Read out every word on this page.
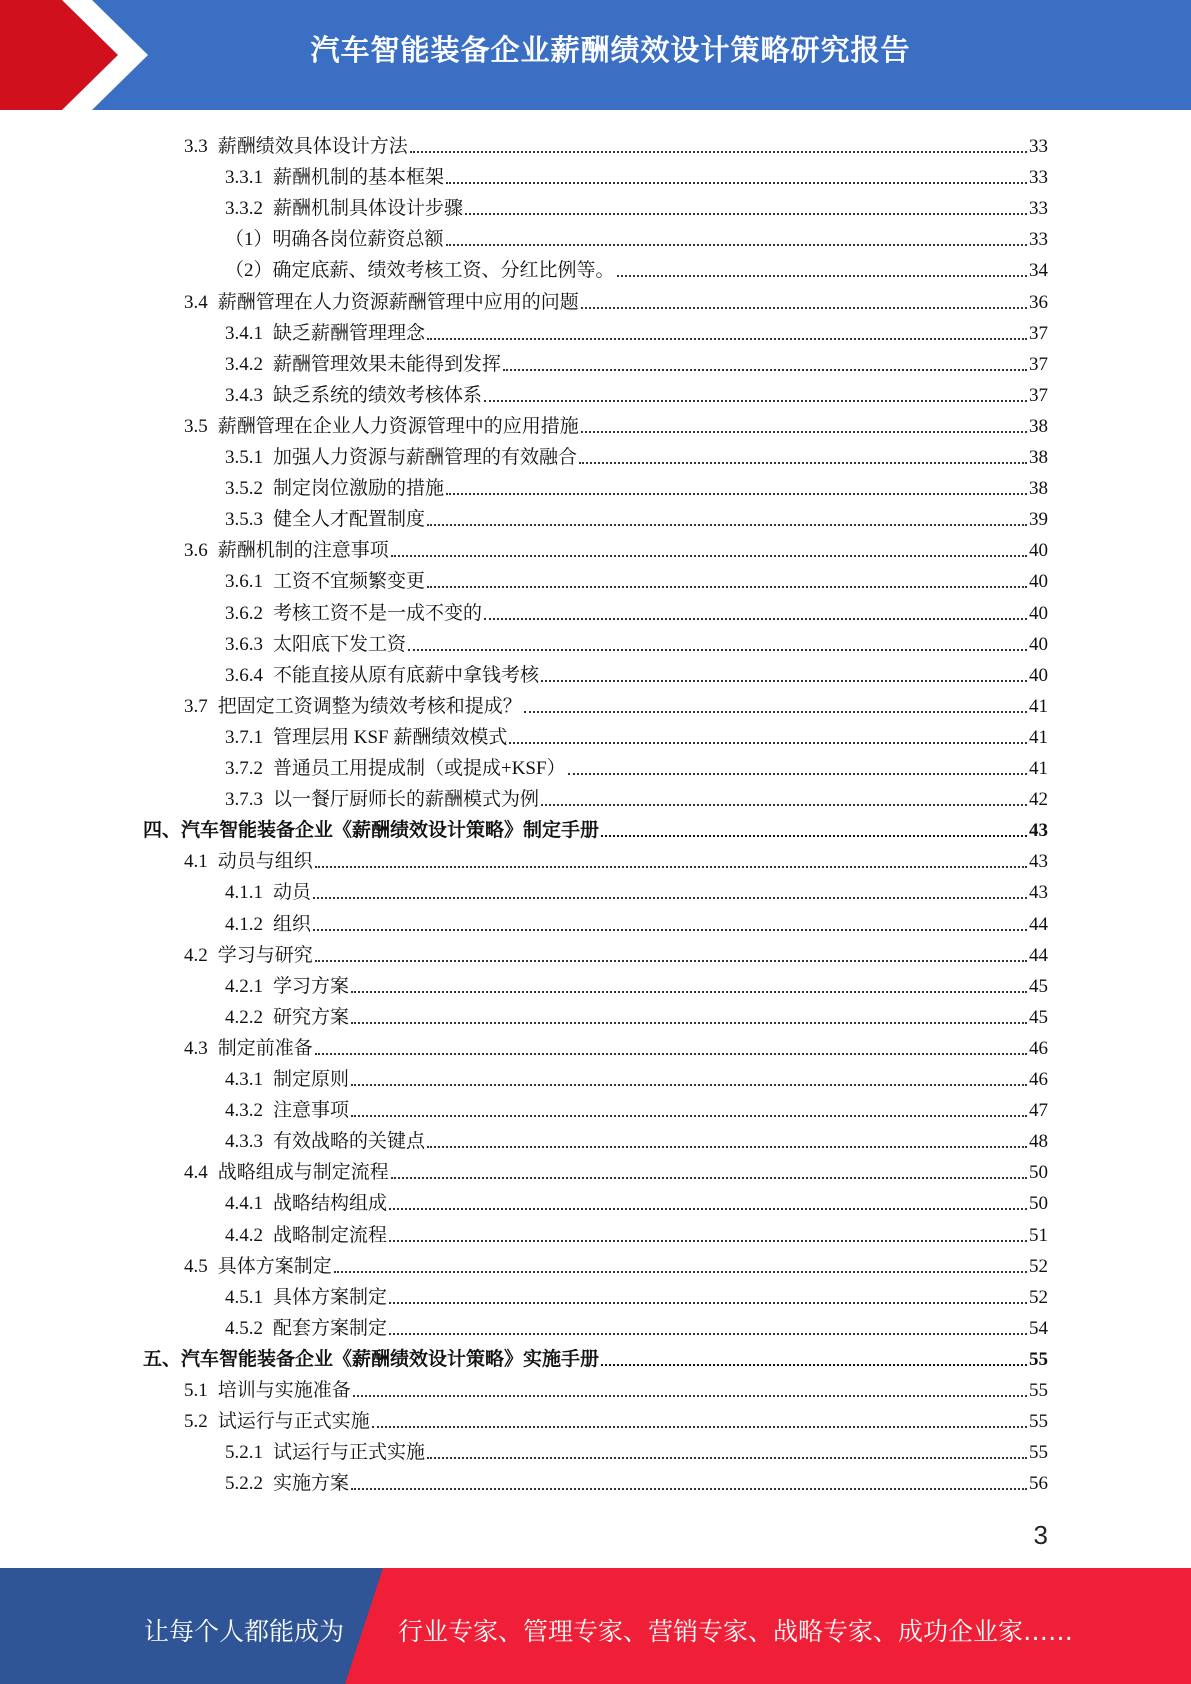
汽车智能装备企业薪酬绩效设计策略研究报告
3.3 薪酬绩效具体设计方法	33
3.3.1 薪酬机制的基本框架	33
3.3.2 薪酬机制具体设计步骤	33
（1）明确各岗位薪资总额	33
（2）确定底薪、绩效考核工资、分红比例等。	34
3.4 薪酬管理在人力资源薪酬管理中应用的问题	36
3.4.1 缺乏薪酬管理理念	37
3.4.2 薪酬管理效果未能得到发挥	37
3.4.3 缺乏系统的绩效考核体系	37
3.5 薪酬管理在企业人力资源管理中的应用措施	38
3.5.1 加强人力资源与薪酬管理的有效融合	38
3.5.2 制定岗位激励的措施	38
3.5.3 健全人才配置制度	39
3.6 薪酬机制的注意事项	40
3.6.1 工资不宜频繁变更	40
3.6.2 考核工资不是一成不变的	40
3.6.3 太阳底下发工资	40
3.6.4 不能直接从原有底薪中拿钱考核	40
3.7 把固定工资调整为绩效考核和提成？	41
3.7.1 管理层用 KSF 薪酬绩效模式	41
3.7.2 普通员工用提成制（或提成+KSF）	41
3.7.3 以一餐厅厨师长的薪酬模式为例	42
四、汽车智能装备企业《薪酬绩效设计策略》制定手册	43
4.1 动员与组织	43
4.1.1 动员	43
4.1.2 组织	44
4.2 学习与研究	44
4.2.1 学习方案	45
4.2.2 研究方案	45
4.3 制定前准备	46
4.3.1 制定原则	46
4.3.2 注意事项	47
4.3.3 有效战略的关键点	48
4.4 战略组成与制定流程	50
4.4.1 战略结构组成	50
4.4.2 战略制定流程	51
4.5 具体方案制定	52
4.5.1 具体方案制定	52
4.5.2 配套方案制定	54
五、汽车智能装备企业《薪酬绩效设计策略》实施手册	55
5.1 培训与实施准备	55
5.2 试运行与正式实施	55
5.2.1 试运行与正式实施	55
5.2.2 实施方案	56
3
让每个人都能成为 行业专家、管理专家、营销专家、战略专家、成功企业家……
